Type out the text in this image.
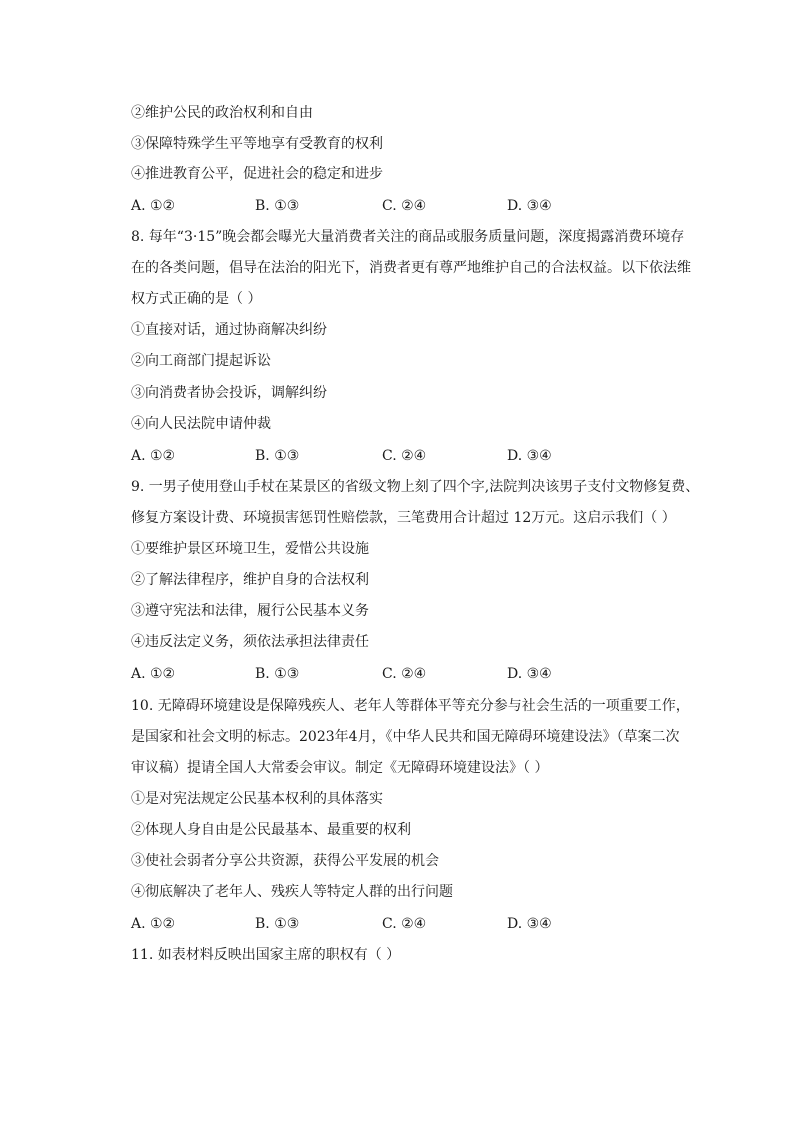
②维护公民的政治权利和自由
③保障特殊学生平等地享有受教育的权利
④推进教育公平，促进社会的稳定和进步
A. ①②	B. ①③	C. ②④	D. ③④
8. 每年“3·15”晚会都会曝光大量消费者关注的商品或服务质量问题，深度揭露消费环境存
在的各类问题，倡导在法治的阳光下，消费者更有尊严地维护自己的合法权益。以下依法维
权方式正确的是（ ）
①直接对话，通过协商解决纠纷
②向工商部门提起诉讼
③向消费者协会投诉，调解纠纷
④向人民法院申请仲裁
A. ①②	B. ①③	C. ②④	D. ③④
9. 一男子使用登山手杖在某景区的省级文物上刻了四个字,法院判决该男子支付文物修复费、
修复方案设计费、环境损害惩罚性赔偿款，三笔费用合计超过 12万元。这启示我们（ ）
①要维护景区环境卫生，爱惜公共设施
②了解法律程序，维护自身的合法权利
③遵守宪法和法律，履行公民基本义务
④违反法定义务，须依法承担法律责任
A. ①②	B. ①③	C. ②④	D. ③④
10. 无障碍环境建设是保障残疾人、老年人等群体平等充分参与社会生活的一项重要工作，
是国家和社会文明的标志。2023年4月，《中华人民共和国无障碍环境建设法》（草案二次
审议稿）提请全国人大常委会审议。制定《无障碍环境建设法》（ ）
①是对宪法规定公民基本权利的具体落实
②体现人身自由是公民最基本、最重要的权利
③使社会弱者分享公共资源，获得公平发展的机会
④彻底解决了老年人、残疾人等特定人群的出行问题
A. ①②	B. ①③	C. ②④	D. ③④
11. 如表材料反映出国家主席的职权有（ ）
